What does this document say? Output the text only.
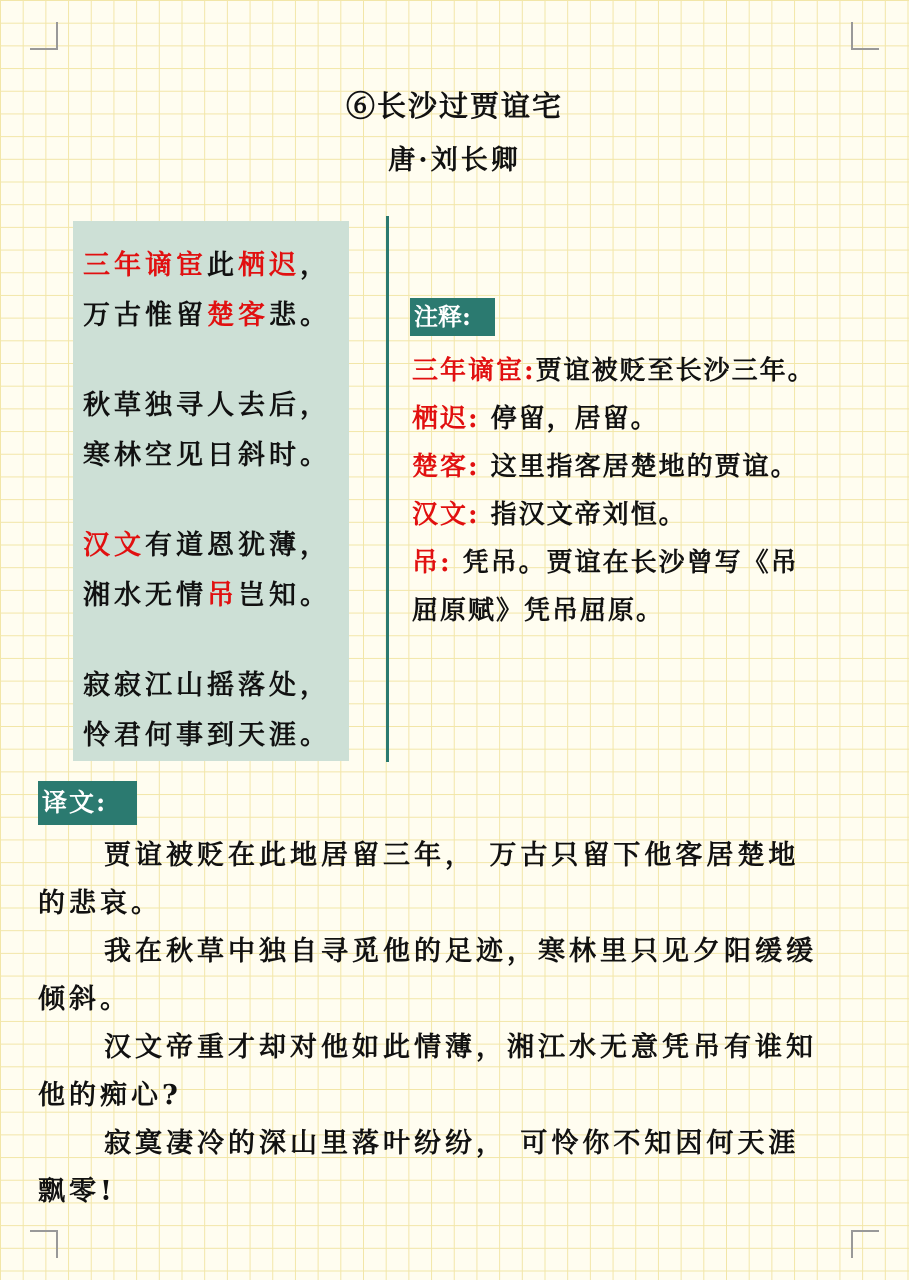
⑥长沙过贾谊宅
唐·刘长卿
三年谪宦此栖迟，
万古惟留楚客悲。
秋草独寻人去后，
寒林空见日斜时。
汉文有道恩犹薄，
湘水无情吊岂知。
寂寂江山摇落处，
怜君何事到天涯。
注释:
三年谪宦:贾谊被贬至长沙三年。
栖迟: 停留，居留。
楚客: 这里指客居楚地的贾谊。
汉文: 指汉文帝刘恒。
吊: 凭吊。贾谊在长沙曾写《吊
屈原赋》凭吊屈原。
译文:
贾谊被贬在此地居留三年， 万古只留下他客居楚地
的悲哀。
我在秋草中独自寻觅他的足迹，寒林里只见夕阳缓缓
倾斜。
汉文帝重才却对他如此情薄，湘江水无意凭吊有谁知
他的痴心?
寂寞凄冷的深山里落叶纷纷， 可怜你不知因何天涯
飘零!
